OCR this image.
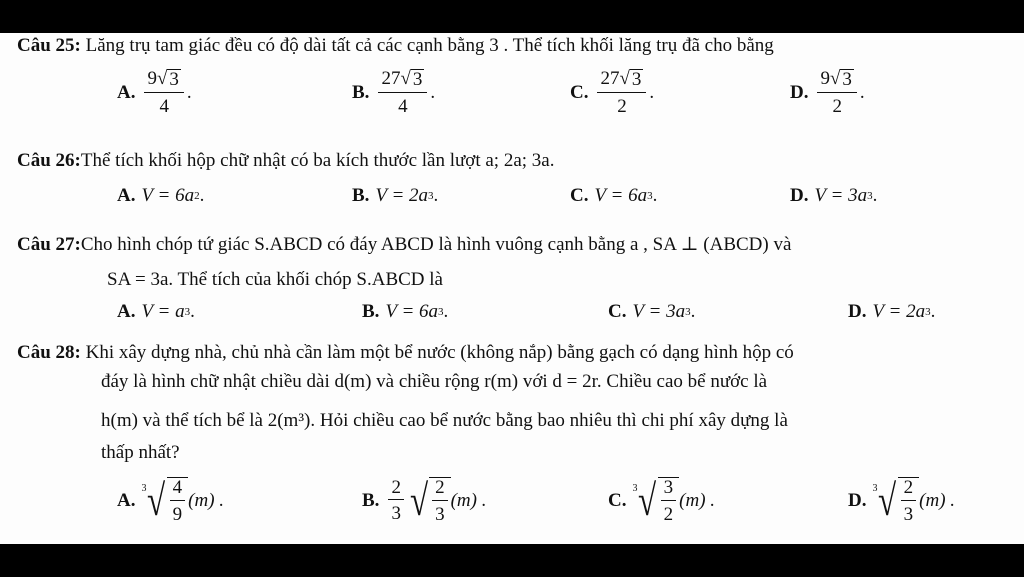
Câu 25: Lăng trụ tam giác đều có độ dài tất cả các cạnh bằng 3 . Thể tích khối lăng trụ đã cho bằng
A. $\frac{9 √ 3}{4}$ .	B. $\frac{27 √ 3}{4}$ .	C. $\frac{27 √ 3}{2}$ .	D. $\frac{9 √ 3}{2}$ .
Câu 26:Thể tích khối hộp chữ nhật có ba kích thước lần lượt a; 2a; 3a.
A. V = 6a 2 .	B. V = 2a 3 .	C. V = 6a 3 .	D. V = 3a 3 .
Câu 27:Cho hình chóp tứ giác S.ABCD có đáy ABCD là hình vuông cạnh bằng a , SA ⊥ (ABCD) và
SA = 3a. Thể tích của khối chóp S.ABCD là
A. V = a 3 .	B. V = 6a 3 .	C. V = 3a 3 .	D. V = 2a 3 .
Câu 28: Khi xây dựng nhà, chủ nhà cần làm một bể nước (không nắp) bằng gạch có dạng hình hộp có
đáy là hình chữ nhật chiều dài d(m) và chiều rộng r(m) với d = 2r. Chiều cao bể nước là
h(m) và thể tích bể là 2(m³). Hỏi chiều cao bể nước bằng bao nhiêu thì chi phí xây dựng là
thấp nhất?
A.
3 √ $\frac{4}{9} (m)$ .	B. $\frac{2}{3}$ √ $\frac{2}{3} (m)$ .	C.
3 √ $\frac{3}{2} (m)$ .	D.
3 √ $\frac{2}{3} (m)$ .
